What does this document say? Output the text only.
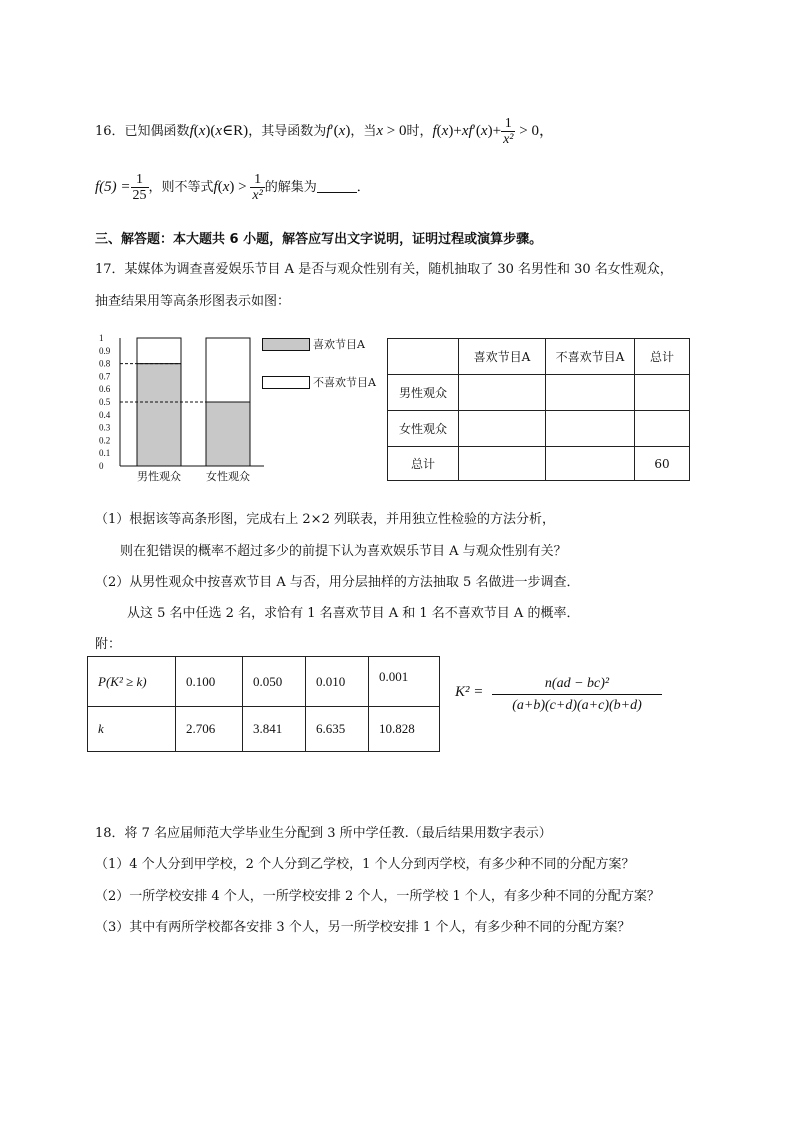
16．已知偶函数f(x)(x∈R)，其导函数为f′(x)，当x > 0时，$f(x)+xf'(x)+ \frac{1}{\text{x²}} > 0$，
$f(5) = \frac{1}{25}$ ，则不等式$f(x) > \frac{1}{\text{x²}}$ 的解集为	．
三、解答题：本大题共 6 小题，解答应写出文字说明，证明过程或演算步骤。
17．某媒体为调查喜爱娱乐节目 A 是否与观众性别有关，随机抽取了 30 名男性和 30 名女性观众，
抽查结果用等高条形图表示如图：
0
0.1
0.2
0.3
0.4
0.5
0.6
0.7
0.8
0.9
1
男性观众 女性观众
喜欢节目A
不喜欢节目A
	喜欢节目A	不喜欢节目A	总计
男性观众			
女性观众			
总计			60
（1）根据该等高条形图，完成右上 2×2 列联表，并用独立性检验的方法分析，
则在犯错误的概率不超过多少的前提下认为喜欢娱乐节目 A 与观众性别有关？
（2）从男性观众中按喜欢节目 A 与否，用分层抽样的方法抽取 5 名做进一步调查．
从这 5 名中任选 2 名，求恰有 1 名喜欢节目 A 和 1 名不喜欢节目 A 的概率．
附：
P(K² ≥ k)	0.100	0.050	0.010	0.001
k	2.706	3.841	6.635	10.828
$K^2 = \frac{\text{n(ad − bc)²}}{(a+b)(c+d)(a+c)(b+d)}$
18．将 7 名应届师范大学毕业生分配到 3 所中学任教.（最后结果用数字表示）
（1）4 个人分到甲学校，2 个人分到乙学校，1 个人分到丙学校，有多少种不同的分配方案？
（2）一所学校安排 4 个人，一所学校安排 2 个人，一所学校 1 个人，有多少种不同的分配方案？
（3）其中有两所学校都各安排 3 个人，另一所学校安排 1 个人，有多少种不同的分配方案？
